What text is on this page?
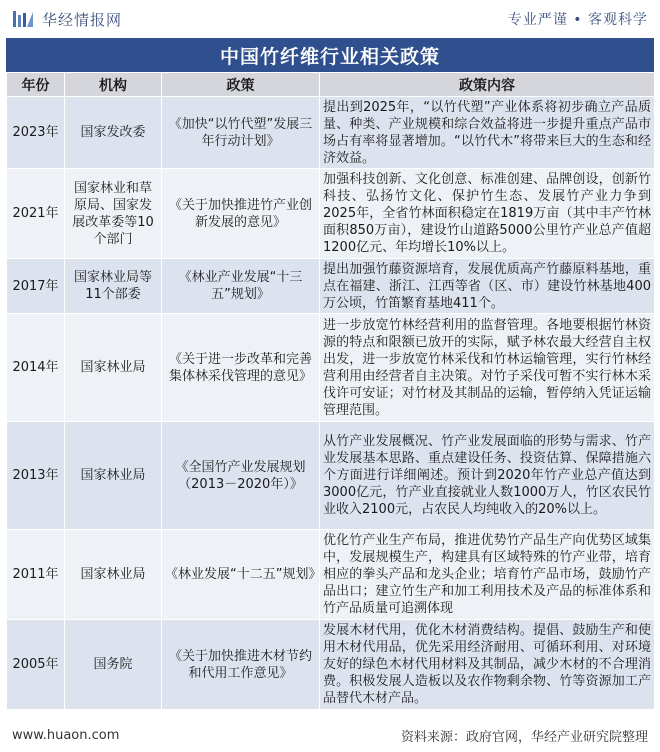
华经情报网	专业严谨 • 客观科学
中国竹纤维行业相关政策
年份	机构	政策	政策内容
2023年	国家发改委	《加快“以竹代塑”发展三年行动计划》	提出到2025年，“以竹代塑”产业体系将初步确立产品质量、种类、产业规模和综合效益将进一步提升重点产品市场占有率将显著增加。“以竹代木”将带来巨大的生态和经济效益。
2021年	国家林业和草原局、国家发展改革委等10个部门	《关于加快推进竹产业创新发展的意见》	加强科技创新、文化创意、标准创建、品牌创设，创新竹科技、弘扬竹文化、保护竹生态、发展竹产业力争到2025年，全省竹林面积稳定在1819万亩（其中丰产竹林面积850万亩），建设竹山道路5000公里竹产业总产值超1200亿元、年均增长10%以上。
2017年	国家林业局等11个部委	《林业产业发展“十三五”规划》	提出加强竹藤资源培育，发展优质高产竹藤原料基地，重点在福建、浙江、江西等省（区、市）建设竹林基地400万公顷，竹笛繁育基地411个。
2014年	国家林业局	《关于进一步改革和完善集体林采伐管理的意见》	进一步放宽竹林经营利用的监督管理。各地要根据竹林资源的特点和限额已放开的实际，赋予林农最大经营自主权出发，进一步放宽竹林采伐和竹林运输管理，实行竹林经营利用由经营者自主决策。对竹子采伐可暂不实行林木采伐许可安证；对竹材及其制品的运输，暂停纳入凭证运输管理范围。
2013年	国家林业局	《全国竹产业发展规划（2013－2020年）》	从竹产业发展概况、竹产业发展面临的形势与需求、竹产业发展基本思路、重点建设任务、投资估算、保障措施六个方面进行详细阐述。预计到2020年竹产业总产值达到3000亿元，竹产业直接就业人数1000万人，竹区农民竹业收入2100元，占农民人均纯收入的20%以上。
2011年	国家林业局	《林业发展“十二五”规划》	优化竹产业生产布局，推进优势竹产品生产向优势区域集中，发展规模生产，构建具有区域特殊的竹产业带，培育相应的拳头产品和龙头企业；培育竹产品市场，鼓励竹产品出口；建立竹生产和加工利用技术及产品的标准体系和竹产品质量可追溯体现
2005年	国务院	《关于加快推进木材节约和代用工作意见》	发展木材代用，优化木材消费结构。提倡、鼓励生产和使用木材代用品，优先采用经济耐用、可循环利用、对环境友好的绿色木材代用材料及其制品，减少木材的不合理消费。积极发展人造板以及农作物剩余物、竹等资源加工产品替代木材产品。
www.huaon.com	资料来源：政府官网，华经产业研究院整理
